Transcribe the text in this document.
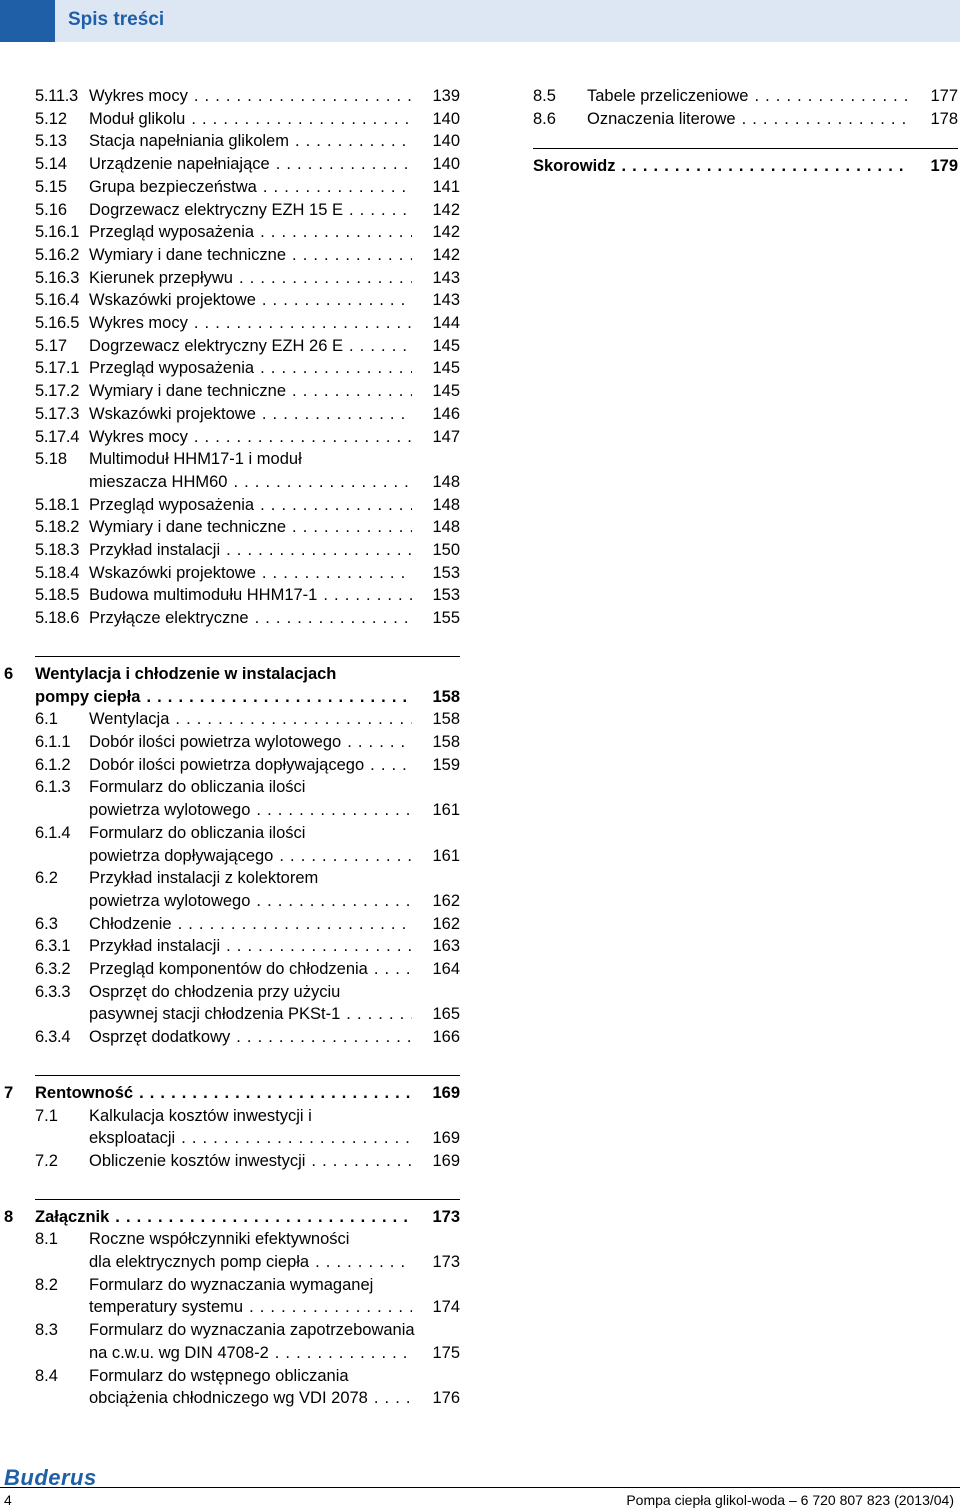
Spis treści
5.11.3 Wykres mocy . . .	139
5.12	Moduł glikolu . . .	140
5.13	Stacja napełniania glikolem . . .	140
5.14	Urządzenie napełniające . . .	140
5.15	Grupa bezpieczeństwa . . .	141
5.16	Dogrzewacz elektryczny EZH 15 E . . .	142
5.16.1 Przegląd wyposażenia . . .	142
5.16.2 Wymiary i dane techniczne . . .	142
5.16.3 Kierunek przepływu . . .	143
5.16.4 Wskazówki projektowe . . .	143
5.16.5 Wykres mocy . . .	144
5.17	Dogrzewacz elektryczny EZH 26 E . . .	145
5.17.1 Przegląd wyposażenia . . .	145
5.17.2 Wymiary i dane techniczne . . .	145
5.17.3 Wskazówki projektowe . . .	146
5.17.4 Wykres mocy . . .	147
5.18	Multimoduł HHM17-1 i moduł
mieszacza HHM60 . . .	148
5.18.1 Przegląd wyposażenia . . .	148
5.18.2 Wymiary i dane techniczne . . .	148
5.18.3 Przykład instalacji . . .	150
5.18.4 Wskazówki projektowe . . .	153
5.18.5 Budowa multimodułu HHM17-1 . . .	153
5.18.6 Przyłącze elektryczne . . .	155
6 Wentylacja i chłodzenie w instalacjach
pompy ciepła . . .	158
6.1	Wentylacja . . .	158
6.1.1	Dobór ilości powietrza wylotowego . . .	158
6.1.2	Dobór ilości powietrza dopływającego . . .	159
6.1.3	Formularz do obliczania ilości
powietrza wylotowego . . .	161
6.1.4	Formularz do obliczania ilości
powietrza dopływającego . . .	161
6.2	Przykład instalacji z kolektorem
powietrza wylotowego . . .	162
6.3	Chłodzenie . . .	162
6.3.1	Przykład instalacji . . .	163
6.3.2	Przegląd komponentów do chłodzenia . . .	164
6.3.3	Osprzęt do chłodzenia przy użyciu
pasywnej stacji chłodzenia PKSt-1 . . .	165
6.3.4	Osprzęt dodatkowy . . .	166
7 Rentowność . . .	169
7.1	Kalkulacja kosztów inwestycji i
eksploatacji . . .	169
7.2	Obliczenie kosztów inwestycji . . .	169
8 Załącznik . . .	173
8.1	Roczne współczynniki efektywności
dla elektrycznych pomp ciepła . . .	173
8.2	Formularz do wyznaczania wymaganej
temperatury systemu . . .	174
8.3	Formularz do wyznaczania zapotrzebowania
na c.w.u. wg DIN 4708-2 . . .	175
8.4	Formularz do wstępnego obliczania
obciążenia chłodniczego wg VDI 2078 . . .	176
8.5	Tabele przeliczeniowe . . .	177
8.6	Oznaczenia literowe . . .	178
Skorowidz . . .	179
Buderus
4	Pompa ciepła glikol-woda – 6 720 807 823 (2013/04)
